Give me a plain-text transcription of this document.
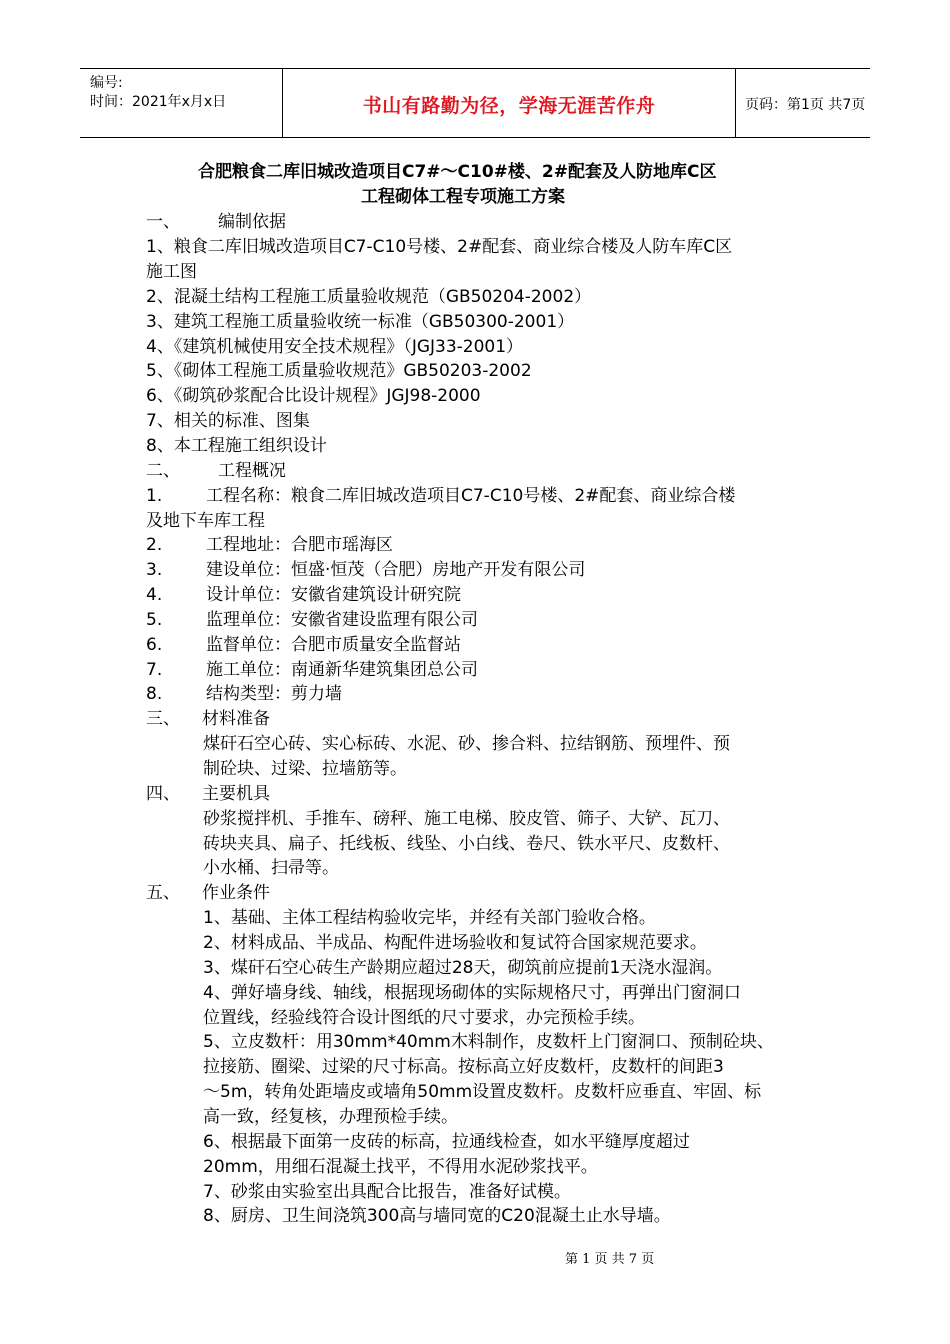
编号:
时间：2021年x月x日	书山有路勤为径，学海无涯苦作舟	页码：第1页 共7页
合肥粮食二库旧城改造项目C7#～C10#楼、2#配套及人防地库C区
工程砌体工程专项施工方案
一、 编制依据
1、粮食二库旧城改造项目C7-C10号楼、2#配套、商业综合楼及人防车库C区
施工图
2、混凝土结构工程施工质量验收规范（GB50204-2002）
3、建筑工程施工质量验收统一标准（GB50300-2001）
4、《建筑机械使用安全技术规程》（JGJ33-2001）
5、《砌体工程施工质量验收规范》GB50203-2002
6、《砌筑砂浆配合比设计规程》JGJ98-2000
7、相关的标准、图集
8、本工程施工组织设计
二、 工程概况
1.	工程名称：粮食二库旧城改造项目C7-C10号楼、2#配套、商业综合楼
及地下车库工程
2.	工程地址：合肥市瑶海区
3.	建设单位：恒盛·恒茂（合肥）房地产开发有限公司
4.	设计单位：安徽省建筑设计研究院
5.	监理单位：安徽省建设监理有限公司
6.	监督单位：合肥市质量安全监督站
7.	施工单位：南通新华建筑集团总公司
8.	结构类型：剪力墙
三、 材料准备
煤矸石空心砖、实心标砖、水泥、砂、掺合料、拉结钢筋、预埋件、预
制砼块、过梁、拉墙筋等。
四、 主要机具
砂浆搅拌机、手推车、磅秤、施工电梯、胶皮管、筛子、大铲、瓦刀、
砖块夹具、扁子、托线板、线坠、小白线、卷尺、铁水平尺、皮数杆、
小水桶、扫帚等。
五、 作业条件
1、基础、主体工程结构验收完毕，并经有关部门验收合格。
2、材料成品、半成品、构配件进场验收和复试符合国家规范要求。
3、煤矸石空心砖生产龄期应超过28天，砌筑前应提前1天浇水湿润。
4、弹好墙身线、轴线，根据现场砌体的实际规格尺寸，再弹出门窗洞口
位置线，经验线符合设计图纸的尺寸要求，办完预检手续。
5、立皮数杆：用30mm*40mm木料制作，皮数杆上门窗洞口、预制砼块、
拉接筋、圈梁、过梁的尺寸标高。按标高立好皮数杆，皮数杆的间距3
～5m，转角处距墙皮或墙角50mm设置皮数杆。皮数杆应垂直、牢固、标
高一致，经复核，办理预检手续。
6、根据最下面第一皮砖的标高，拉通线检查，如水平缝厚度超过
20mm，用细石混凝土找平，不得用水泥砂浆找平。
7、砂浆由实验室出具配合比报告，准备好试模。
8、厨房、卫生间浇筑300高与墙同宽的C20混凝土止水导墙。
第 1 页 共 7 页
